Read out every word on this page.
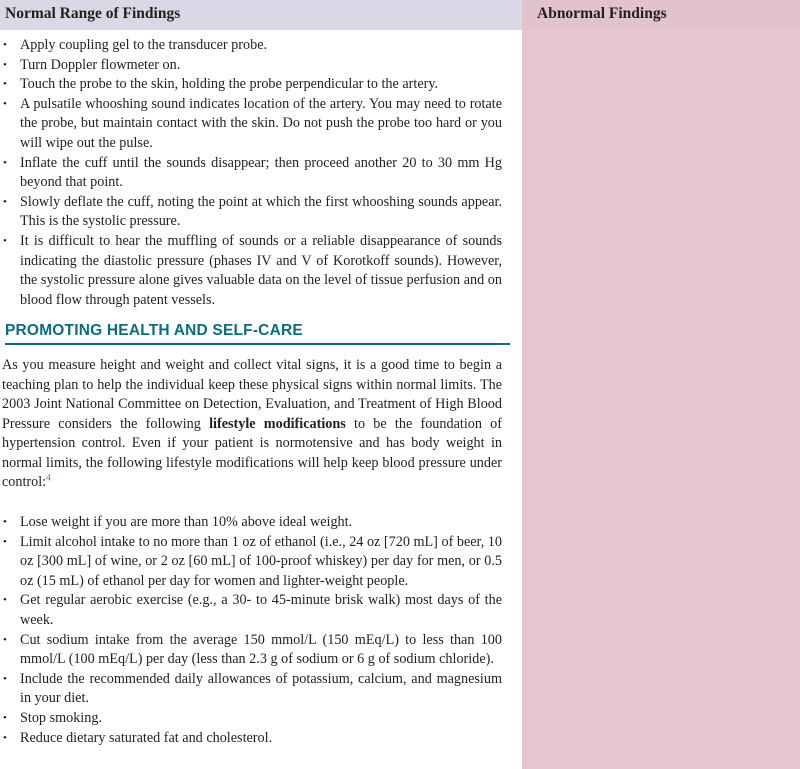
Normal Range of Findings	Abnormal Findings
• Apply coupling gel to the transducer probe.
• Turn Doppler flowmeter on.
• Touch the probe to the skin, holding the probe perpendicular to the artery.
• A pulsatile whooshing sound indicates location of the artery. You may need to rotate the probe, but maintain contact with the skin. Do not push the probe too hard or you will wipe out the pulse.
• Inflate the cuff until the sounds disappear; then proceed another 20 to 30 mm Hg beyond that point.
• Slowly deflate the cuff, noting the point at which the first whooshing sounds appear. This is the systolic pressure.
• It is difficult to hear the muffling of sounds or a reliable disappearance of sounds indicating the diastolic pressure (phases IV and V of Korotkoff sounds). However, the systolic pressure alone gives valuable data on the level of tissue perfusion and on blood flow through patent vessels.
PROMOTING HEALTH AND SELF-CARE

As you measure height and weight and collect vital signs, it is a good time to begin a teaching plan to help the individual keep these physical signs within normal limits. The 2003 Joint National Committee on Detection, Evaluation, and Treatment of High Blood Pressure considers the following lifestyle modifications to be the foundation of hypertension control. Even if your patient is normotensive and has body weight in normal limits, the following lifestyle modifications will help keep blood pressure under control:$^4$

• Lose weight if you are more than 10% above ideal weight.
• Limit alcohol intake to no more than 1 oz of ethanol (i.e., 24 oz [720 mL] of beer, 10 oz [300 mL] of wine, or 2 oz [60 mL] of 100-proof whiskey) per day for men, or 0.5 oz (15 mL) of ethanol per day for women and lighter-weight people.
• Get regular aerobic exercise (e.g., a 30- to 45-minute brisk walk) most days of the week.
• Cut sodium intake from the average 150 mmol/L (150 mEq/L) to less than 100 mmol/L (100 mEq/L) per day (less than 2.3 g of sodium or 6 g of sodium chloride).
• Include the recommended daily allowances of potassium, calcium, and magnesium in your diet.
• Stop smoking.
• Reduce dietary saturated fat and cholesterol.
